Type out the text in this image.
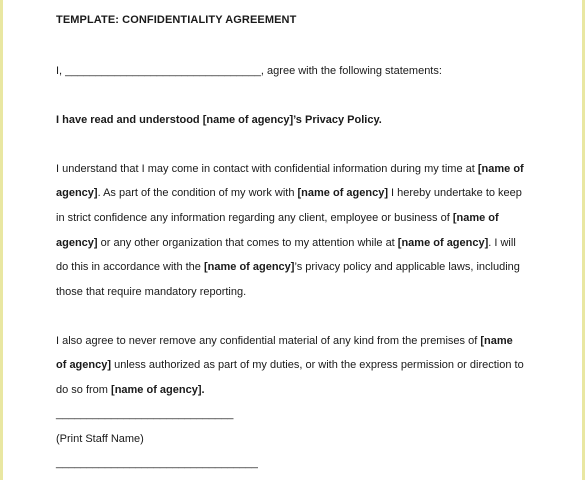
TEMPLATE: CONFIDENTIALITY AGREEMENT
I, ________________________________, agree with the following statements:
I have read and understood [name of agency]’s Privacy Policy.
I understand that I may come in contact with confidential information during my time at [name of
agency]. As part of the condition of my work with [name of agency] I hereby undertake to keep
in strict confidence any information regarding any client, employee or business of [name of
agency] or any other organization that comes to my attention while at [name of agency]. I will
do this in accordance with the [name of agency]’s privacy policy and applicable laws, including
those that require mandatory reporting.
I also agree to never remove any confidential material of any kind from the premises of [name
of agency] unless authorized as part of my duties, or with the express permission or direction to
do so from [name of agency].
_____________________________
(Print Staff Name)
_________________________________
